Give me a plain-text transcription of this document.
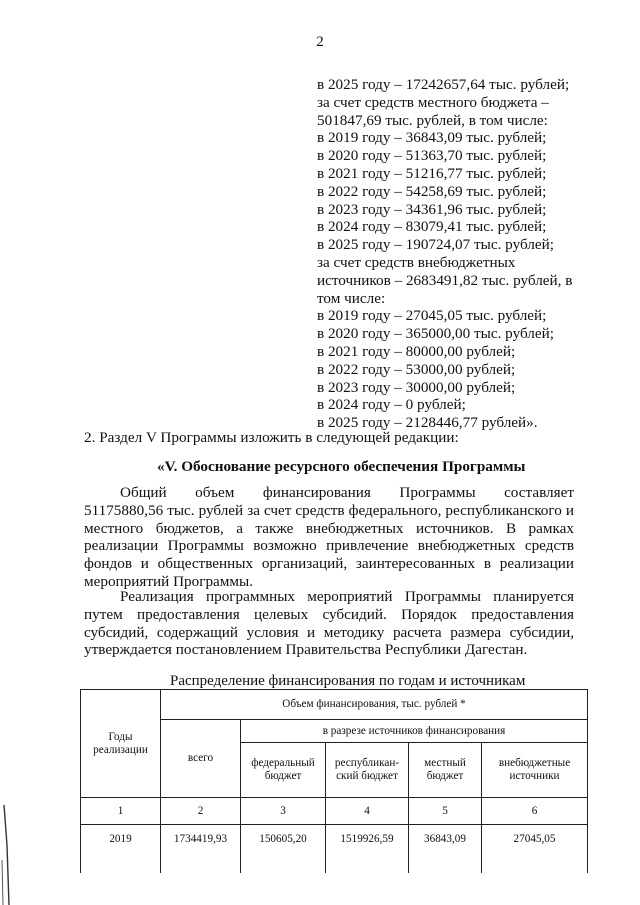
2
в 2025 году – 17242657,64 тыс. рублей;
за счет средств местного бюджета –
501847,69 тыс. рублей, в том числе:
в 2019 году – 36843,09 тыс. рублей;
в 2020 году – 51363,70 тыс. рублей;
в 2021 году – 51216,77 тыс. рублей;
в 2022 году – 54258,69 тыс. рублей;
в 2023 году – 34361,96 тыс. рублей;
в 2024 году – 83079,41 тыс. рублей;
в 2025 году – 190724,07 тыс. рублей;
за счет средств внебюджетных
источников – 2683491,82 тыс. рублей, в
том числе:
в 2019 году – 27045,05 тыс. рублей;
в 2020 году – 365000,00 тыс. рублей;
в 2021 году – 80000,00 рублей;
в 2022 году – 53000,00 рублей;
в 2023 году – 30000,00 рублей;
в 2024 году – 0 рублей;
в 2025 году – 2128446,77 рублей».
2. Раздел V Программы изложить в следующей редакции:
«V. Обоснование ресурсного обеспечения Программы
Общий объем финансирования Программы составляет
51175880,56 тыс. рублей за счет средств федерального, республиканского и
местного бюджетов, а также внебюджетных источников. В рамках
реализации Программы возможно привлечение внебюджетных средств
фондов и общественных организаций, заинтересованных в реализации
мероприятий Программы.
Реализация программных мероприятий Программы планируется
путем предоставления целевых субсидий. Порядок предоставления
субсидий, содержащий условия и методику расчета размера субсидии,
утверждается постановлением Правительства Республики Дагестан.
Распределение финансирования по годам и источникам
Годы реализации	Объем финансирования, тыс. рублей *				
	всего	в разрезе источников финансирования			
		федеральный бюджет	республикан-ский бюджет	местный бюджет	внебюджетные источники
1	2	3	4	5	6
2019	1734419,93	150605,20	1519926,59	36843,09	27045,05
